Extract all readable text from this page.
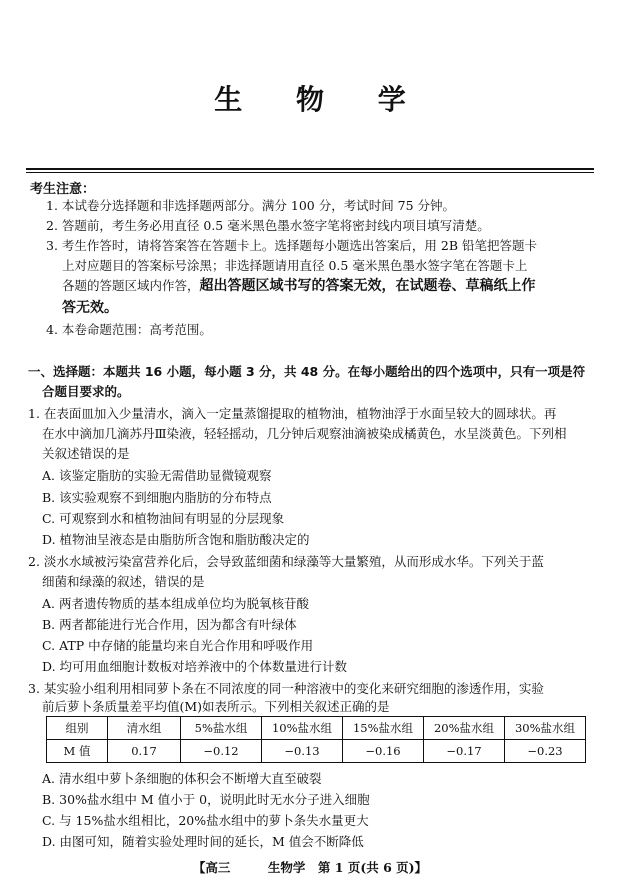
生 物 学
考生注意：
1. 本试卷分选择题和非选择题两部分。满分 100 分，考试时间 75 分钟。
2. 答题前，考生务必用直径 0.5 毫米黑色墨水签字笔将密封线内项目填写清楚。
3. 考生作答时，请将答案答在答题卡上。选择题每小题选出答案后，用 2B 铅笔把答题卡
上对应题目的答案标号涂黑；非选择题请用直径 0.5 毫米黑色墨水签字笔在答题卡上
各题的答题区域内作答，超出答题区域书写的答案无效，在试题卷、草稿纸上作
答无效。
4. 本卷命题范围：高考范围。
一、选择题：本题共 16 小题，每小题 3 分，共 48 分。在每小题给出的四个选项中，只有一项是符
合题目要求的。
1. 在表面皿加入少量清水，滴入一定量蒸馏提取的植物油，植物油浮于水面呈较大的圆球状。再
在水中滴加几滴苏丹Ⅲ染液，轻轻摇动，几分钟后观察油滴被染成橘黄色，水呈淡黄色。下列相
关叙述错误的是
A. 该鉴定脂肪的实验无需借助显微镜观察
B. 该实验观察不到细胞内脂肪的分布特点
C. 可观察到水和植物油间有明显的分层现象
D. 植物油呈液态是由脂肪所含饱和脂肪酸决定的
2. 淡水水域被污染富营养化后，会导致蓝细菌和绿藻等大量繁殖，从而形成水华。下列关于蓝
细菌和绿藻的叙述，错误的是
A. 两者遗传物质的基本组成单位均为脱氧核苷酸
B. 两者都能进行光合作用，因为都含有叶绿体
C. ATP 中存储的能量均来自光合作用和呼吸作用
D. 均可用血细胞计数板对培养液中的个体数量进行计数
3. 某实验小组利用相同萝卜条在不同浓度的同一种溶液中的变化来研究细胞的渗透作用，实验
前后萝卜条质量差平均值(M)如表所示。下列相关叙述正确的是
组别	清水组	5%盐水组	10%盐水组	15%盐水组	20%盐水组	30%盐水组
M 值	0.17	−0.12	−0.13	−0.16	−0.17	−0.23
A. 清水组中萝卜条细胞的体积会不断增大直至破裂
B. 30%盐水组中 M 值小于 0，说明此时无水分子进入细胞
C. 与 15%盐水组相比，20%盐水组中的萝卜条失水量更大
D. 由图可知，随着实验处理时间的延长，M 值会不断降低
【高三　　　生物学　第 1 页(共 6 页)】
